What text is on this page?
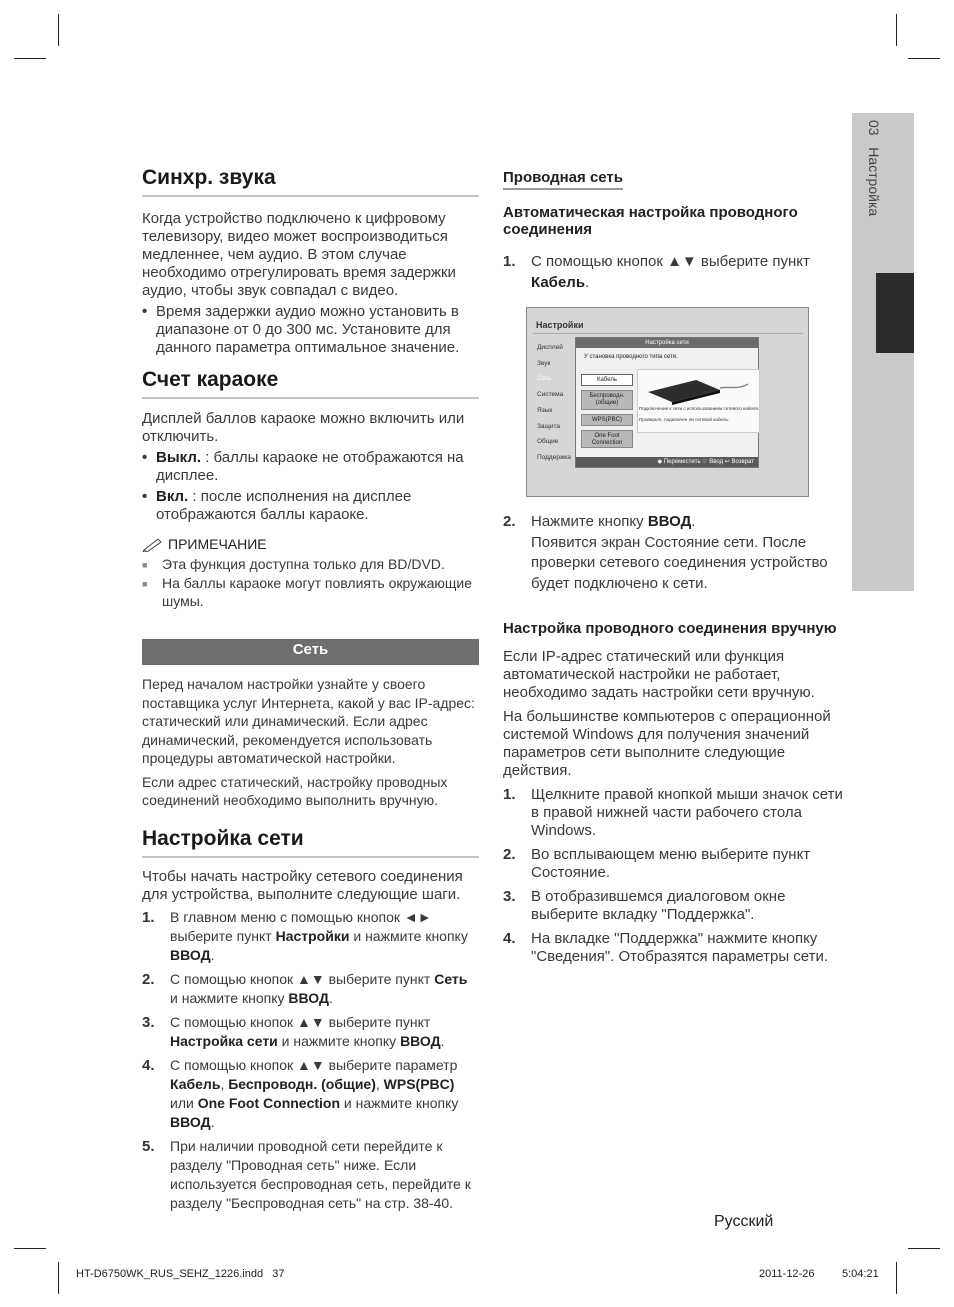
03   Настройка
Синхр. звука

Когда устройство подключено к цифровому телевизору, видео может воспроизводиться медленнее, чем аудио. В этом случае необходимо отрегулировать время задержки аудио, чтобы звук совпадал с видео.

• Время задержки аудио можно установить в диапазоне от 0 до 300 мс. Установите для данного параметра оптимальное значение.
Счет караоке

Дисплей баллов караоке можно включить или отключить.

• Выкл. : баллы караоке не отображаются на дисплее.
• Вкл. : после исполнения на дисплее отображаются баллы караоке.
ПРИМЕЧАНИЕ
■	Эта функция доступна только для BD/DVD.
■	На баллы караоке могут повлиять окружающие шумы.
Сеть

Перед началом настройки узнайте у своего поставщика услуг Интернета, какой у вас IP-адрес: статический или динамический. Если адрес динамический, рекомендуется использовать процедуры автоматической настройки.

Если адрес статический, настройку проводных соединений необходимо выполнить вручную.

Настройка сети

Чтобы начать настройку сетевого соединения для устройства, выполните следующие шаги.

1.	В главном меню с помощью кнопок ◄► выберите пункт Настройки и нажмите кнопку ВВОД.
2.	С помощью кнопок ▲▼ выберите пункт Сеть и нажмите кнопку ВВОД.
3.	С помощью кнопок ▲▼ выберите пункт Настройка сети и нажмите кнопку ВВОД.
4.	С помощью кнопок ▲▼ выберите параметр Кабель, Беспроводн. (общие), WPS(PBC) или One Foot Connection и нажмите кнопку ВВОД.
5.	При наличии проводной сети перейдите к разделу "Проводная сеть" ниже. Если используется беспроводная сеть, перейдите к разделу "Беспроводная сеть" на стр. 38-40.
Проводная сеть

Автоматическая настройка проводного соединения

1.	С помощью кнопок ▲▼ выберите пункт Кабель.
Настройки
Дисплей
Звук
Сеть
Система
Язык
Защита
Общие
Поддержка
Настройка сети
У становка проводного типа сети.
Кабель
Беспроводн. (общие)
WPS(PBC)
One Foot Connection
Подключение к сети с использованием сетевого кабеля.
Проверьте, подключен ли сетевой кабель.
◆ Переместить ☞ Ввод ↩ Возврат
2.	Нажмите кнопку ВВОД.
Появится экран Состояние сети. После проверки сетевого соединения устройство будет подключено к сети.

Настройка проводного соединения вручную

Если IP-адрес статический или функция автоматической настройки не работает, необходимо задать настройки сети вручную.

На большинстве компьютеров с операционной системой Windows для получения значений параметров сети выполните следующие действия.

1.	Щелкните правой кнопкой мыши значок сети в правой нижней части рабочего стола Windows.
2.	Во всплывающем меню выберите пункт Состояние.
3.	В отобразившемся диалоговом окне выберите вкладку "Поддержка".
4.	На вкладке "Поддержка" нажмите кнопку "Сведения". Отобразятся параметры сети.
Русский
HT-D6750WK_RUS_SEHZ_1226.indd   37	2011-12-26	5:04:21
